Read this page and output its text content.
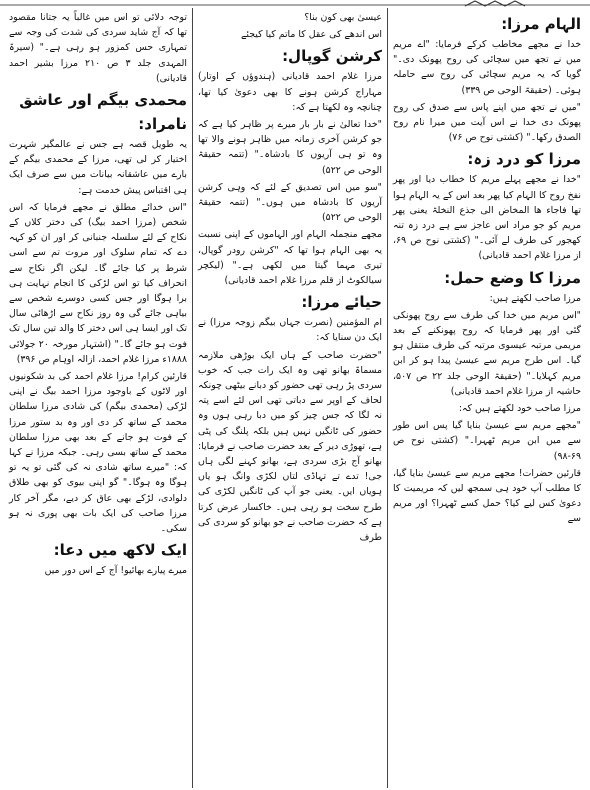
الہام مرزا:

خدا نے مجھے مخاطب کرکے فرمایا: "اے مریم میں نے تجھ میں سچائی کی روح پھونک دی۔" گویا کہ یہ مریم سچائی کی روح سے حاملہ ہوئی۔ (حقیقۃ الوحی ص ۳۳۹)

"میں نے تجھ میں اپنے پاس سے صدق کی روح پھونک دی خدا نے اس آیت میں میرا نام روح الصدق رکھا۔" (کشتی نوح ص ۷۶)

مرزا کو درد زہ:

"خدا نے مجھے پہلے مریم کا خطاب دیا اور پھر نفخ روح کا الہام کیا پھر بعد اس کے یہ الہام ہوا تھا فاجاء ھا المخاض الی جذع النخلۃ یعنی پھر مریم کو جو مراد اس عاجز سے ہے درد زہ تنہ کھجور کی طرف لے آئی۔" (کشتی نوح ص ۶۹، از مرزا غلام احمد قادیانی)

مرزا کا وضع حمل:

مرزا صاحب لکھتے ہیں:

"اس مریم میں خدا کی طرف سے روح پھونکی گئی اور پھر فرمایا کہ روح پھونکنے کے بعد مریمی مرتبہ عیسوی مرتبہ کی طرف منتقل ہو گیا۔ اس طرح مریم سے عیسیٰ پیدا ہو کر ابن مریم کہلایا۔" (حقیقۃ الوحی جلد ۲۲ ص ۵۰۷، حاشیہ از مرزا غلام احمد قادیانی)

مرزا صاحب خود لکھتے ہیں کہ:

"مجھے مریم سے عیسیٰ بنایا گیا پس اس طور سے میں ابن مریم ٹھہرا۔" (کشتی نوح ص ۶۹-۹۸)

قارئین حضرات! مجھے مریم سے عیسیٰ بنایا گیا، کا مطلب آپ خود ہی سمجھ لیں کہ مریمیت کا دعویٰ کس لیے کیا؟ حمل کسے ٹھہرا؟ اور مریم سے

عیسیٰ بھی کون بنا؟

اس اندھے کی عقل کا ماتم کیا کیجئے

کرشن گوپال:

مرزا غلام احمد قادیانی (ہندوؤں کے اوتار) مہاراج کرشن ہونے کا بھی دعویٰ کیا تھا، چنانچہ وہ لکھتا ہے کہ:

"خدا تعالیٰ نے بار بار میرے پر ظاہر کیا ہے کہ جو کرشن آخری زمانہ میں ظاہر ہونے والا تھا وہ تو ہی آریوں کا بادشاہ۔" (تتمہ حقیقۃ الوحی ص ۵۲۲)

"سو میں اس تصدیق کے لئے کہ وہی کرشن آریوں کا بادشاہ میں ہوں۔" (تتمہ حقیقۃ الوحی ص ۵۲۲)

مجھے منجملہ الہام اور الہاموں کے اپنی نسبت یہ بھی الہام ہوا تھا کہ "کرشن رودر گوپال، تیری مہما گیتا میں لکھی ہے۔" (لیکچر سیالکوٹ از قلم مرزا غلام احمد قادیانی)

حیائے مرزا:

ام المؤمنین (نصرت جہاں بیگم زوجہ مرزا) نے ایک دن سنایا کہ:

"حضرت صاحب کے ہاں ایک بوڑھی ملازمہ مسماۃ بھانو تھی وہ ایک رات جب کہ خوب سردی پڑ رہی تھی حضور کو دبانے بیٹھی چونکہ لحاف کے اوپر سے دباتی تھی اس لئے اسے پتہ نہ لگا کہ جس چیز کو میں دبا رہی ہوں وہ حضور کی ٹانگیں نہیں ہیں بلکہ پلنگ کی پٹی ہے، تھوڑی دیر کے بعد حضرت صاحب نے فرمایا: بھانو آج بڑی سردی ہے، بھانو کہنے لگی ہاں جی! تدے تے تہاڈی لتاں لکڑی وانگ ہو یاں ہویاں ایں۔ یعنی جو آپ کی ٹانگیں لکڑی کی طرح سخت ہو رہی ہیں۔ خاکسار عرض کرتا ہے کہ حضرت صاحب نے جو بھانو کو سردی کی طرف

توجہ دلائی تو اس میں غالباً یہ جتانا مقصود تھا کہ آج شاید سردی کی شدت کی وجہ سے تمہاری حس کمزور ہو رہی ہے۔" (سیرۃ المہدی جلد ۳ ص ۲۱۰ مرزا بشیر احمد قادیانی)

محمدی بیگم اور عاشق نامراد:

یہ طویل قصہ ہے جس نے عالمگیر شہرت اختیار کر لی تھی، مرزا کے محمدی بیگم کے بارے میں عاشقانہ بیانات میں سے صرف ایک ہی اقتباس پیش خدمت ہے:

"اس خدائے مطلق نے مجھے فرمایا کہ اس شخص (مرزا احمد بیگ) کی دختر کلاں کے نکاح کے لئے سلسلہ جنبانی کر اور ان کو کہہ دے کہ تمام سلوک اور مروت تم سے اسی شرط پر کیا جائے گا۔ لیکن اگر نکاح سے انحراف کیا تو اس لڑکی کا انجام نہایت ہی برا ہوگا اور جس کسی دوسرے شخص سے بیاہی جائے گی وہ روز نکاح سے اڑھائی سال تک اور ایسا ہی اس دختر کا والد تین سال تک فوت ہو جائے گا۔" (اشتہار مورخہ ۲۰ جولائی ۱۸۸۸ء مرزا غلام احمد، ازالہ اوہام ص ۳۹۶)

قارئین کرام! مرزا غلام احمد کی بد شکونیوں اور لاٹوں کے باوجود مرزا احمد بیگ نے اپنی لڑکی (محمدی بیگم) کی شادی مرزا سلطان محمد کے ساتھ کر دی اور وہ بد ستور مرزا کے فوت ہو جانے کے بعد بھی مرزا سلطان محمد کے ساتھ بسی رہی۔ جبکہ مرزا نے کہا کہ: "میرے ساتھ شادی نہ کی گئی تو یہ تو ہوگا وہ ہوگا۔" گو اپنی بیوی کو بھی طلاق دلوادی، لڑکے بھی عاق کر دیے، مگر آخر کار مرزا صاحب کی ایک بات بھی پوری نہ ہو سکی۔

ایک لاکھ میں دعا:

میرے پیارے بھائیو! آج کے اس دور میں
